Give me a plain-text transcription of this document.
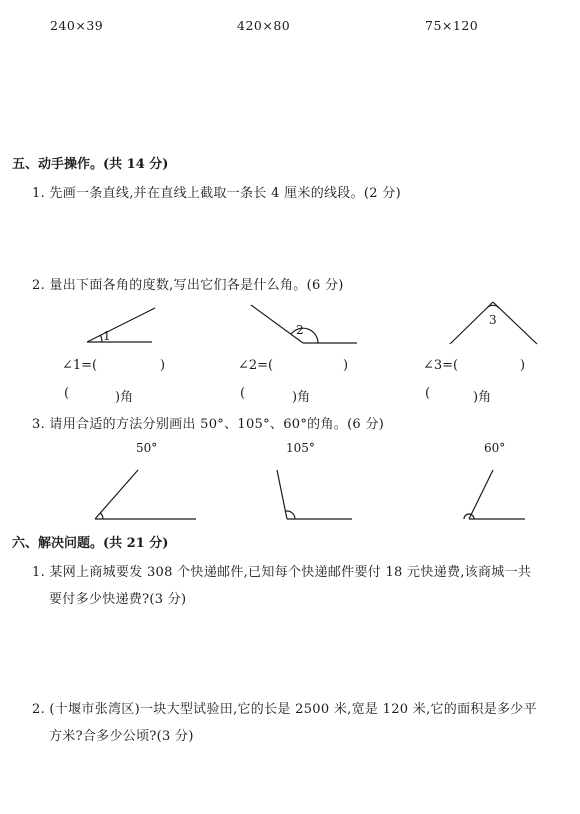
240×39	420×80	75×120
五、动手操作。(共 14 分)
1. 先画一条直线,并在直线上截取一条长 4 厘米的线段。(2 分)
2. 量出下面各角的度数,写出它们各是什么角。(6 分)
1	2
3
∠1=(	)
(	)角
∠2=(	)
(	)角
∠3=(	)
(	)角
3. 请用合适的方法分别画出 50°、105°、60°的角。(6 分)
50°	105°	60°
六、解决问题。(共 21 分)
1. 某网上商城要发 308 个快递邮件,已知每个快递邮件要付 18 元快递费,该商城一共
要付多少快递费?(3 分)
2. (十堰市张湾区)一块大型试验田,它的长是 2500 米,宽是 120 米,它的面积是多少平
方米?合多少公顷?(3 分)
